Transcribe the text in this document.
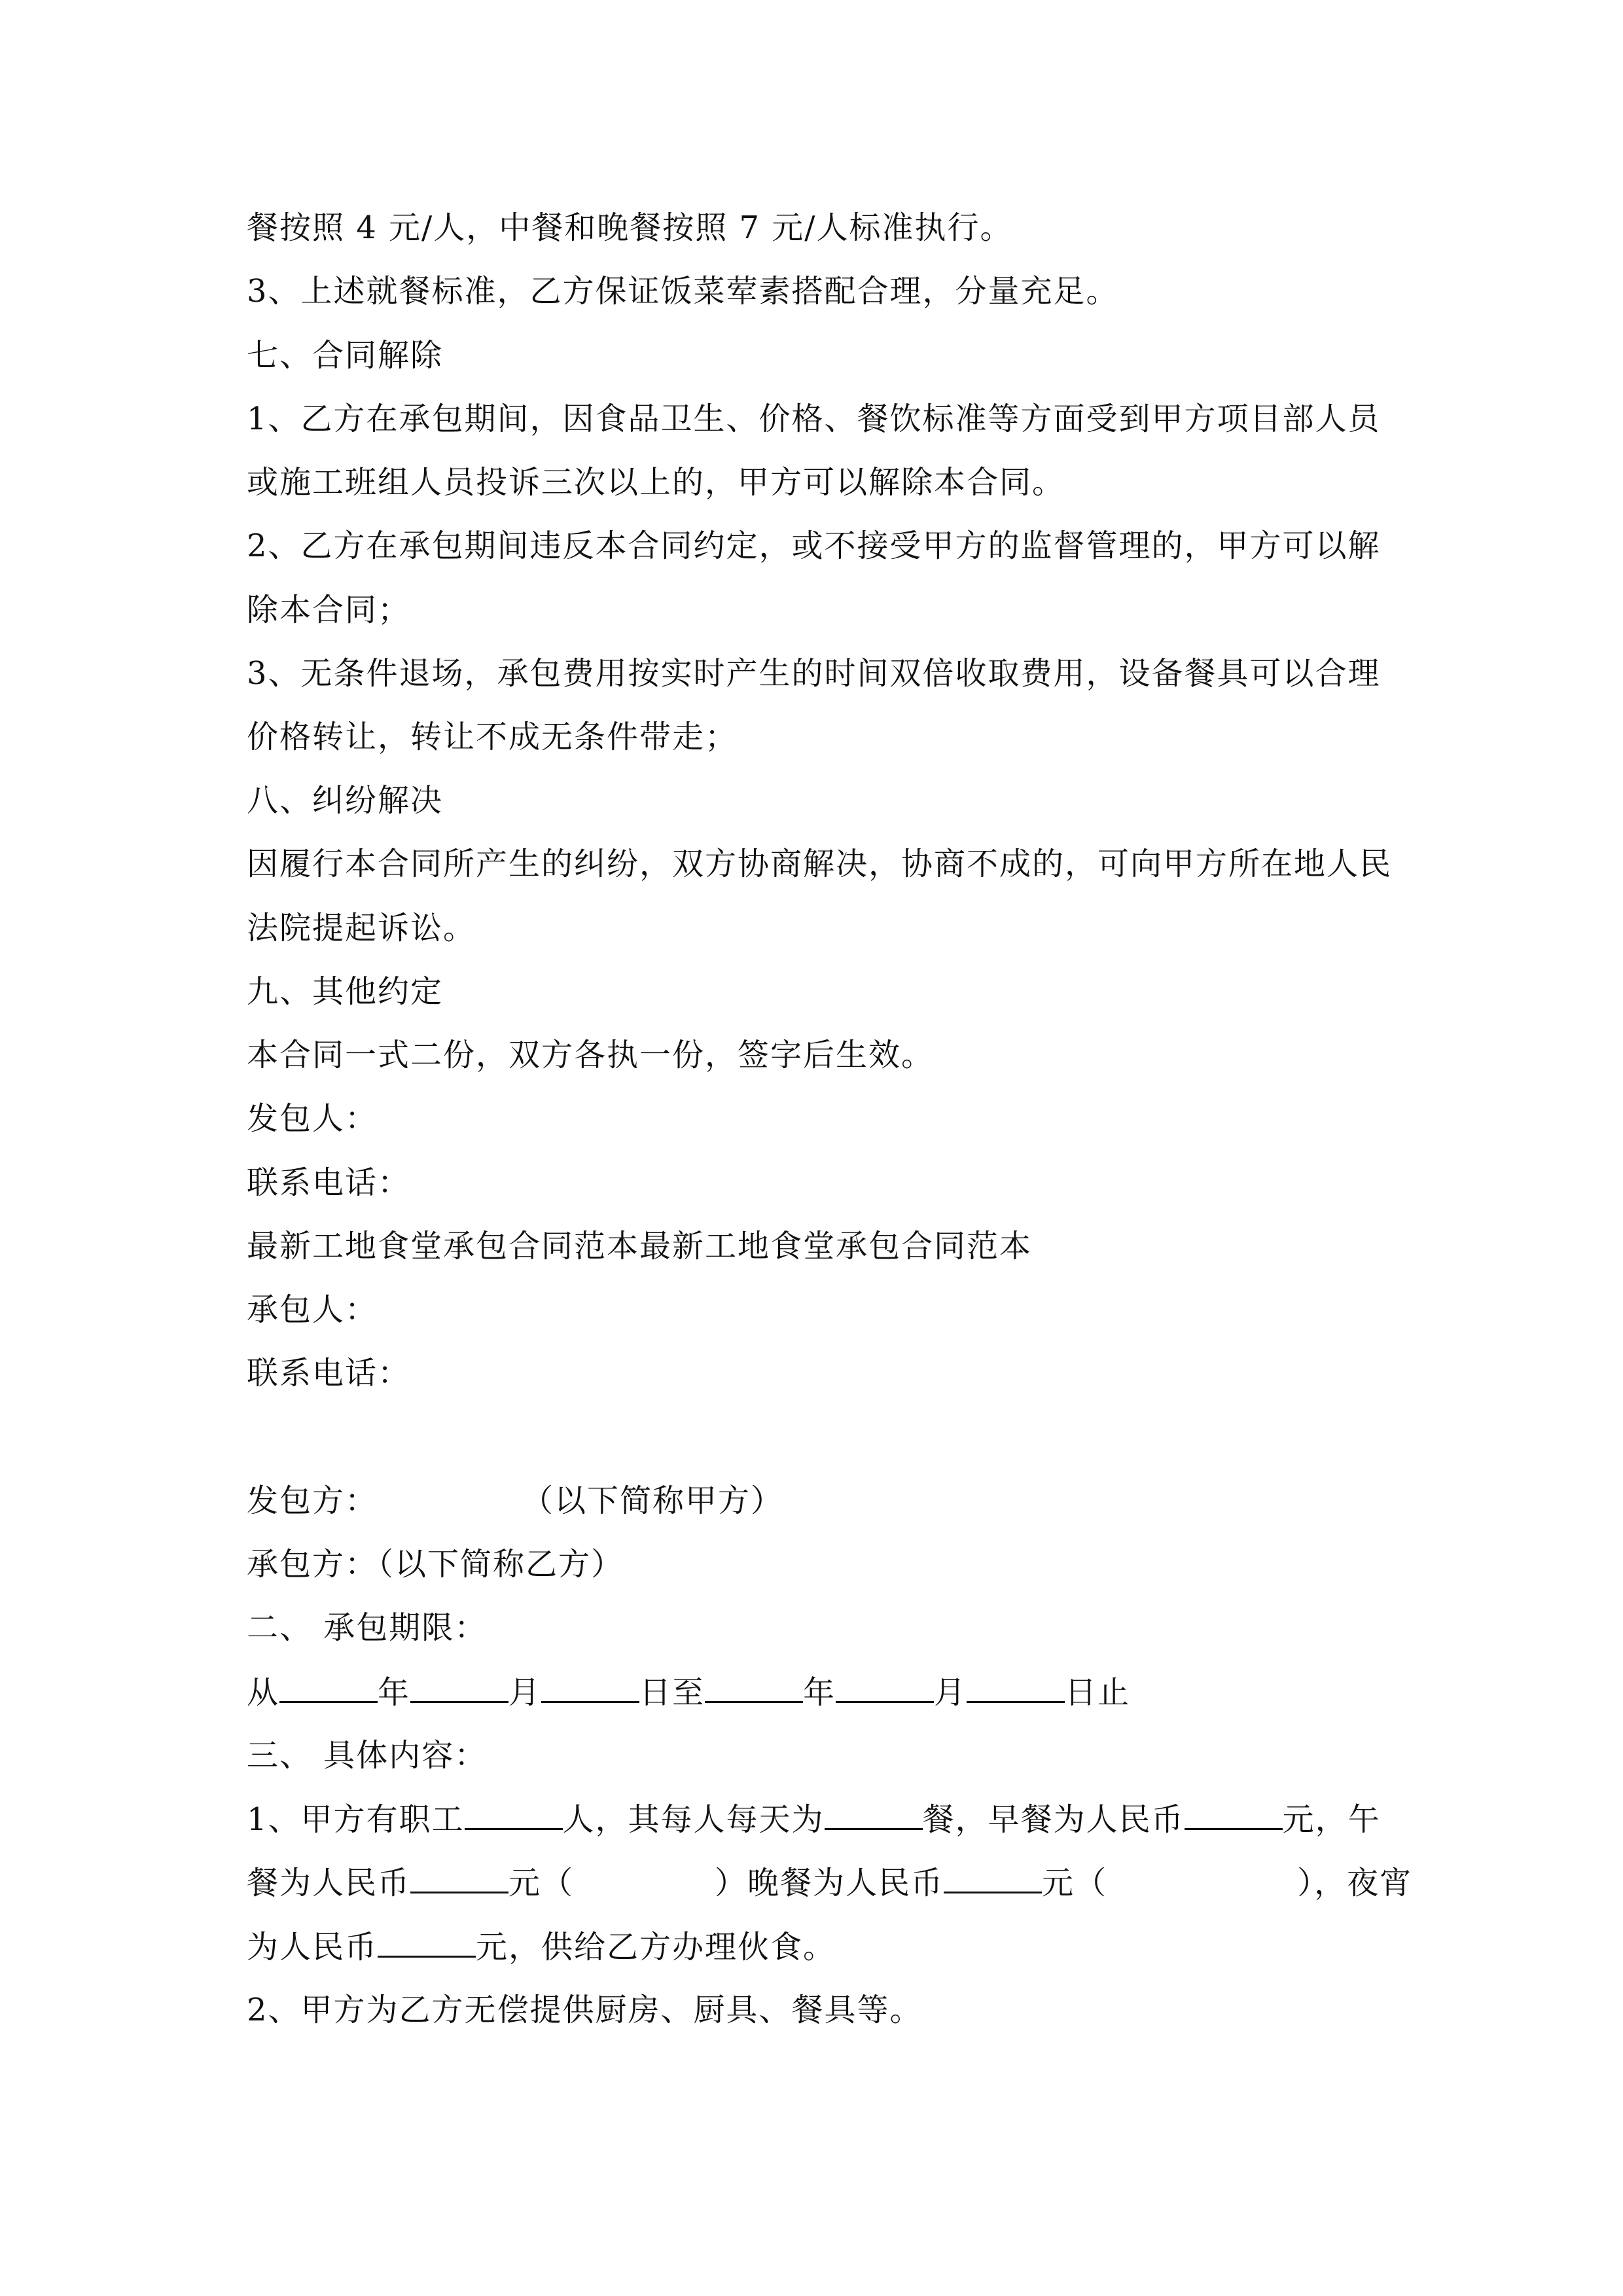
餐按照 4 元/人，中餐和晚餐按照 7 元/人标准执行。
3、上述就餐标准，乙方保证饭菜荤素搭配合理，分量充足。
七、合同解除
1、乙方在承包期间，因食品卫生、价格、餐饮标准等方面受到甲方项目部人员
或施工班组人员投诉三次以上的，甲方可以解除本合同。
2、乙方在承包期间违反本合同约定，或不接受甲方的监督管理的，甲方可以解
除本合同；
3、无条件退场，承包费用按实时产生的时间双倍收取费用，设备餐具可以合理
价格转让，转让不成无条件带走；
八、纠纷解决
因履行本合同所产生的纠纷，双方协商解决，协商不成的，可向甲方所在地人民
法院提起诉讼。
九、其他约定
本合同一式二份，双方各执一份，签字后生效。
发包人：
联系电话：
最新工地食堂承包合同范本最新工地食堂承包合同范本
承包人：
联系电话：
发包方：	（以下简称甲方）
承包方：（以下简称乙方）
二、 承包期限：
从	年	月	日至	年	月	日止
三、 具体内容：
1、甲方有职工	人，其每人每天为	餐，早餐为人民币	元，午
餐为人民币	元（	）晚餐为人民币	元（	），夜宵
为人民币	元，供给乙方办理伙食。
2、甲方为乙方无偿提供厨房、厨具、餐具等。
